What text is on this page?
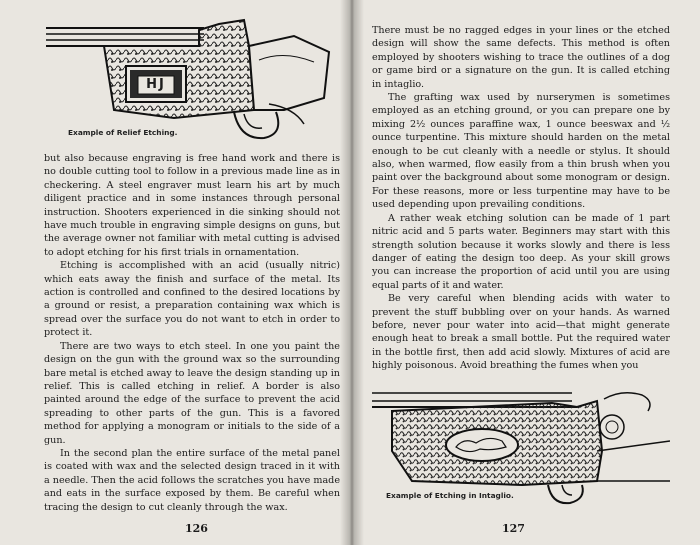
HJ
Example of Relief Etching.

but also because engraving is free hand work and there is no double cutting tool to follow in a previous made line as in checkering. A steel engraver must learn his art by much diligent practice and in some instances through personal instruction. Shooters experienced in die sinking should not have much trouble in engraving simple designs on guns, but the average owner not familiar with metal cutting is advised to adopt etching for his first trials in ornamentation.

Etching is accomplished with an acid (usually nitric) which eats away the finish and surface of the metal. Its action is controlled and confined to the desired locations by a ground or resist, a preparation containing wax which is spread over the surface you do not want to etch in order to protect it.

There are two ways to etch steel. In one you paint the design on the gun with the ground wax so the surrounding bare metal is etched away to leave the design standing up in relief. This is called etching in relief. A border is also painted around the edge of the surface to prevent the acid spreading to other parts of the gun. This is a favored method for applying a monogram or initials to the side of a gun.

In the second plan the entire surface of the metal panel is coated with wax and the selected design traced in it with a needle. Then the acid follows the scratches you have made and eats in the surface exposed by them. Be careful when tracing the design to cut cleanly through the wax.

126

There must be no ragged edges in your lines or the etched design will show the same defects. This method is often employed by shooters wishing to trace the outlines of a dog or game bird or a signature on the gun. It is called etching in intaglio.

The grafting wax used by nurserymen is sometimes employed as an etching ground, or you can prepare one by mixing 2½ ounces paraffine wax, 1 ounce beeswax and ½ ounce turpentine. This mixture should harden on the metal enough to be cut cleanly with a needle or stylus. It should also, when warmed, flow easily from a thin brush when you paint over the background about some monogram or design. For these reasons, more or less turpentine may have to be used depending upon prevailing conditions.

A rather weak etching solution can be made of 1 part nitric acid and 5 parts water. Beginners may start with this strength solution because it works slowly and there is less danger of eating the design too deep. As your skill grows you can increase the proportion of acid until you are using equal parts of it and water.

Be very careful when blending acids with water to prevent the stuff bubbling over on your hands. As warned before, never pour water into acid—that might generate enough heat to break a small bottle. Put the required water in the bottle first, then add acid slowly. Mixtures of acid are highly poisonous. Avoid breathing the fumes when you

Example of Etching in Intaglio.
127
